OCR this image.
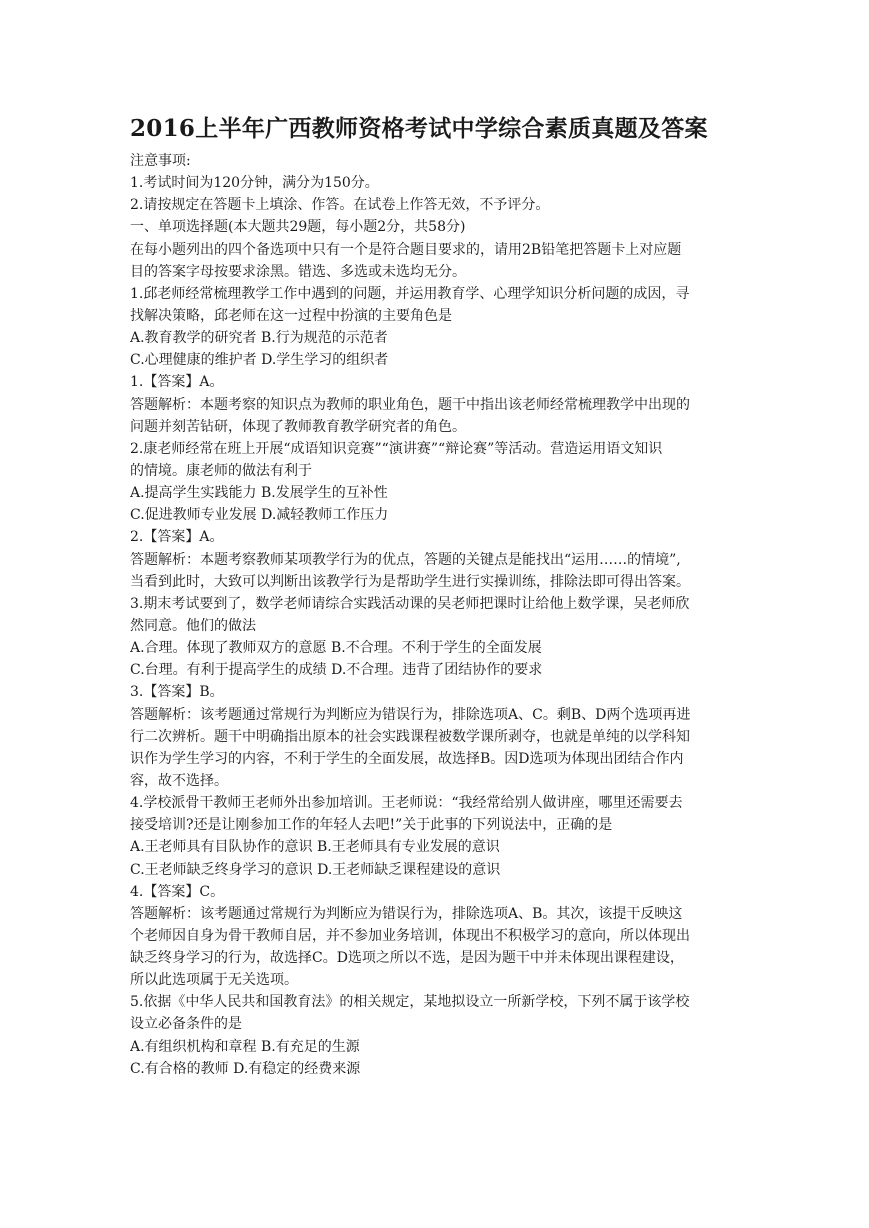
2016上半年广西教师资格考试中学综合素质真题及答案
注意事项:
1.考试时间为120分钟，满分为150分。
2.请按规定在答题卡上填涂、作答。在试卷上作答无效，不予评分。
一、单项选择题(本大题共29题，每小题2分，共58分)
在每小题列出的四个备选项中只有一个是符合题目要求的，请用2B铅笔把答题卡上对应题
目的答案字母按要求涂黑。错选、多选或未选均无分。
1.邱老师经常梳理教学工作中遇到的问题，并运用教育学、心理学知识分析问题的成因，寻
找解决策略，邱老师在这一过程中扮演的主要角色是
A.教育教学的研究者 B.行为规范的示范者
C.心理健康的维护者 D.学生学习的组织者
1.【答案】A。
答题解析：本题考察的知识点为教师的职业角色，题干中指出该老师经常梳理教学中出现的
问题并刻苦钻研，体现了教师教育教学研究者的角色。
2.康老师经常在班上开展“成语知识竞赛”“演讲赛”“辩论赛”等活动。营造运用语文知识
的情境。康老师的做法有利于
A.提高学生实践能力 B.发展学生的互补性
C.促进教师专业发展 D.减轻教师工作压力
2.【答案】A。
答题解析：本题考察教师某项教学行为的优点，答题的关键点是能找出“运用……的情境”,
当看到此时，大致可以判断出该教学行为是帮助学生进行实操训练，排除法即可得出答案。
3.期末考试要到了，数学老师请综合实践活动课的吴老师把课时让给他上数学课，吴老师欣
然同意。他们的做法
A.合理。体现了教师双方的意愿 B.不合理。不利于学生的全面发展
C.台理。有利于提高学生的成绩 D.不合理。违背了团结协作的要求
3.【答案】B。
答题解析：该考题通过常规行为判断应为错误行为，排除选项A、C。剩B、D两个选项再进
行二次辨析。题干中明确指出原本的社会实践课程被数学课所剥夺，也就是单纯的以学科知
识作为学生学习的内容，不利于学生的全面发展，故选择B。因D选项为体现出团结合作内
容，故不选择。
4.学校派骨干教师王老师外出参加培训。王老师说：“我经常给别人做讲座，哪里还需要去
接受培训?还是让刚参加工作的年轻人去吧!”关于此事的下列说法中，正确的是
A.王老师具有目队协作的意识 B.王老师具有专业发展的意识
C.王老师缺乏终身学习的意识 D.王老师缺乏课程建设的意识
4.【答案】C。
答题解析：该考题通过常规行为判断应为错误行为，排除选项A、B。其次，该提干反映这
个老师因自身为骨干教师自居，并不参加业务培训，体现出不积极学习的意向，所以体现出
缺乏终身学习的行为，故选择C。D选项之所以不选，是因为题干中并未体现出课程建设，
所以此选项属于无关选项。
5.依据《中华人民共和国教育法》的相关规定，某地拟设立一所新学校，下列不属于该学校
设立必备条件的是
A.有组织机构和章程 B.有充足的生源
C.有合格的教师 D.有稳定的经费来源
